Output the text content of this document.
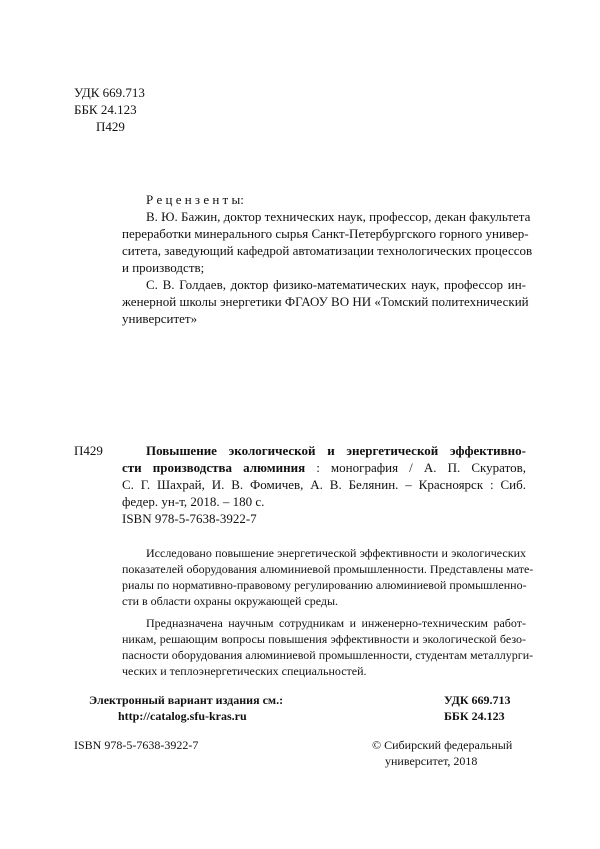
УДК 669.713
ББК 24.123
П429
Р е ц е н з е н т ы:
В. Ю. Бажин, доктор технических наук, профессор, декан факультета
переработки минерального сырья Санкт-Петербургского горного универ-
ситета, заведующий кафедрой автоматизации технологических процессов
и производств;
С. В. Голдаев, доктор физико-математических наук, профессор ин-
женерной школы энергетики ФГАОУ ВО НИ «Томский политехнический
университет»
П429	Повышение экологической и энергетической эффективно-
сти производства алюминия : монография / А. П. Скуратов,
С. Г. Шахрай, И. В. Фомичев, А. В. Белянин. – Красноярск : Сиб.
федер. ун-т, 2018. – 180 с.
ISBN 978-5-7638-3922-7
Исследовано повышение энергетической эффективности и экологических
показателей оборудования алюминиевой промышленности. Представлены мате-
риалы по нормативно-правовому регулированию алюминиевой промышленно-
сти в области охраны окружающей среды.
Предназначена научным сотрудникам и инженерно-техническим работ-
никам, решающим вопросы повышения эффективности и экологической безо-
пасности оборудования алюминиевой промышленности, студентам металлурги-
ческих и теплоэнергетических специальностей.
Электронный вариант издания см.:
http://catalog.sfu-kras.ru
УДК 669.713
ББК 24.123
ISBN 978-5-7638-3922-7	© Сибирский федеральный
университет, 2018
